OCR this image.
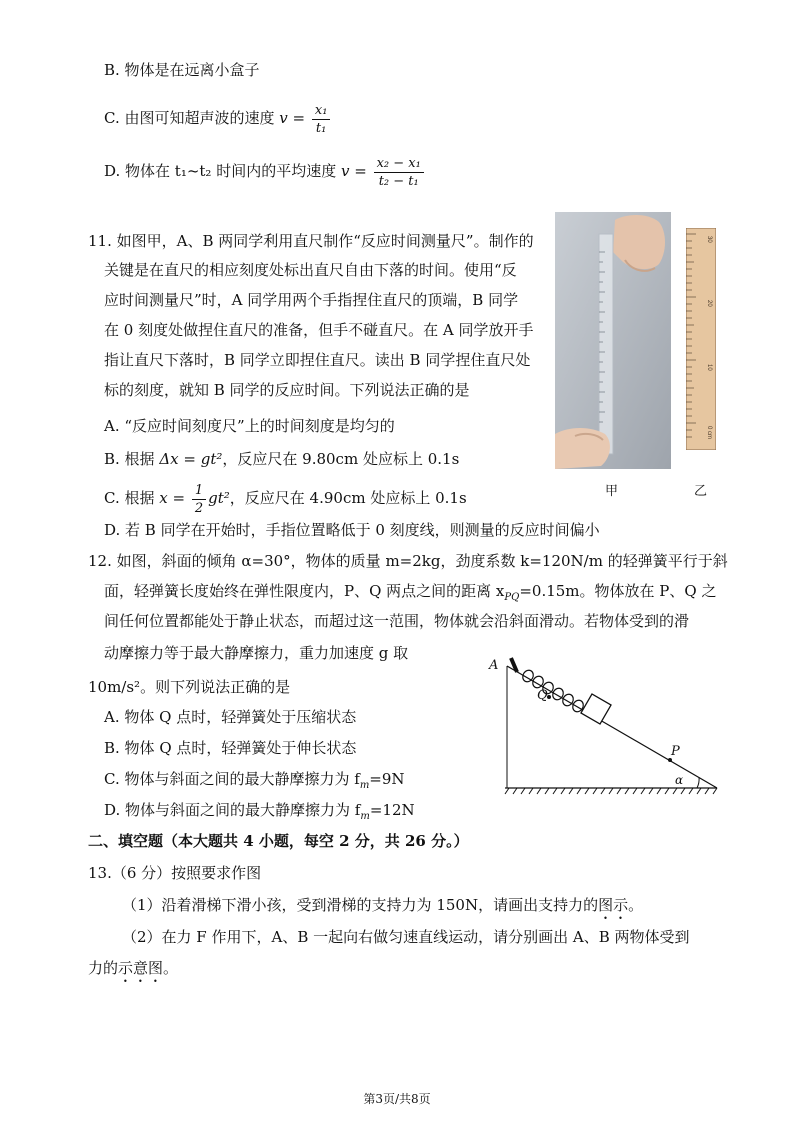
B. 物体是在远离小盒子
C. 由图可知超声波的速度 $v = \frac{\text{x₁}}{\text{t₁}}$
D. 物体在 t₁~t₂ 时间内的平均速度 $v = \frac{\text{x₂ − x₁}}{\text{t₂ − t₁}}$
11. 如图甲，A、B 两同学利用直尺制作“反应时间测量尺”。制作的
关键是在直尺的相应刻度处标出直尺自由下落的时间。使用“反
应时间测量尺”时，A 同学用两个手指捏住直尺的顶端，B 同学
在 0 刻度处做捏住直尺的准备，但手不碰直尺。在 A 同学放开手
指让直尺下落时，B 同学立即捏住直尺。读出 B 同学捏住直尺处
标的刻度，就知 B 同学的反应时间。下列说法正确的是
A. “反应时间刻度尺”上的时间刻度是均匀的
B. 根据 Δx = gt²，反应尺在 9.80cm 处应标上 0.1s
C. 根据 $x = \frac{1}{2} gt^2$，反应尺在 4.90cm 处应标上 0.1s
D. 若 B 同学在开始时，手指位置略低于 0 刻度线，则测量的反应时间偏小
30
20
10
0 cm
甲	乙
12. 如图，斜面的倾角 α=30°，物体的质量 m=2kg，劲度系数 k=120N/m 的轻弹簧平行于斜
面，轻弹簧长度始终在弹性限度内，P、Q 两点之间的距离 $x_{PQ}=0.15m$。物体放在 P、Q 之
间任何位置都能处于静止状态，而超过这一范围，物体就会沿斜面滑动。若物体受到的滑
动摩擦力等于最大静摩擦力，重力加速度 g 取
10m/s²。则下列说法正确的是
A. 物体 Q 点时，轻弹簧处于压缩状态
B. 物体 Q 点时，轻弹簧处于伸长状态
C. 物体与斜面之间的最大静摩擦力为 $f_m=9N$
D. 物体与斜面之间的最大静摩擦力为 $f_m=12N$
A
Q
P
α
二、填空题（本大题共 4 小题，每空 2 分，共 26 分。）
13.（6 分）按照要求作图
（1）沿着滑梯下滑小孩，受到滑梯的支持力为 150N，请画出支持力的图示。
（2）在力 F 作用下，A、B 一起向右做匀速直线运动，请分别画出 A、B 两物体受到
力的示意图。
第3页/共8页
